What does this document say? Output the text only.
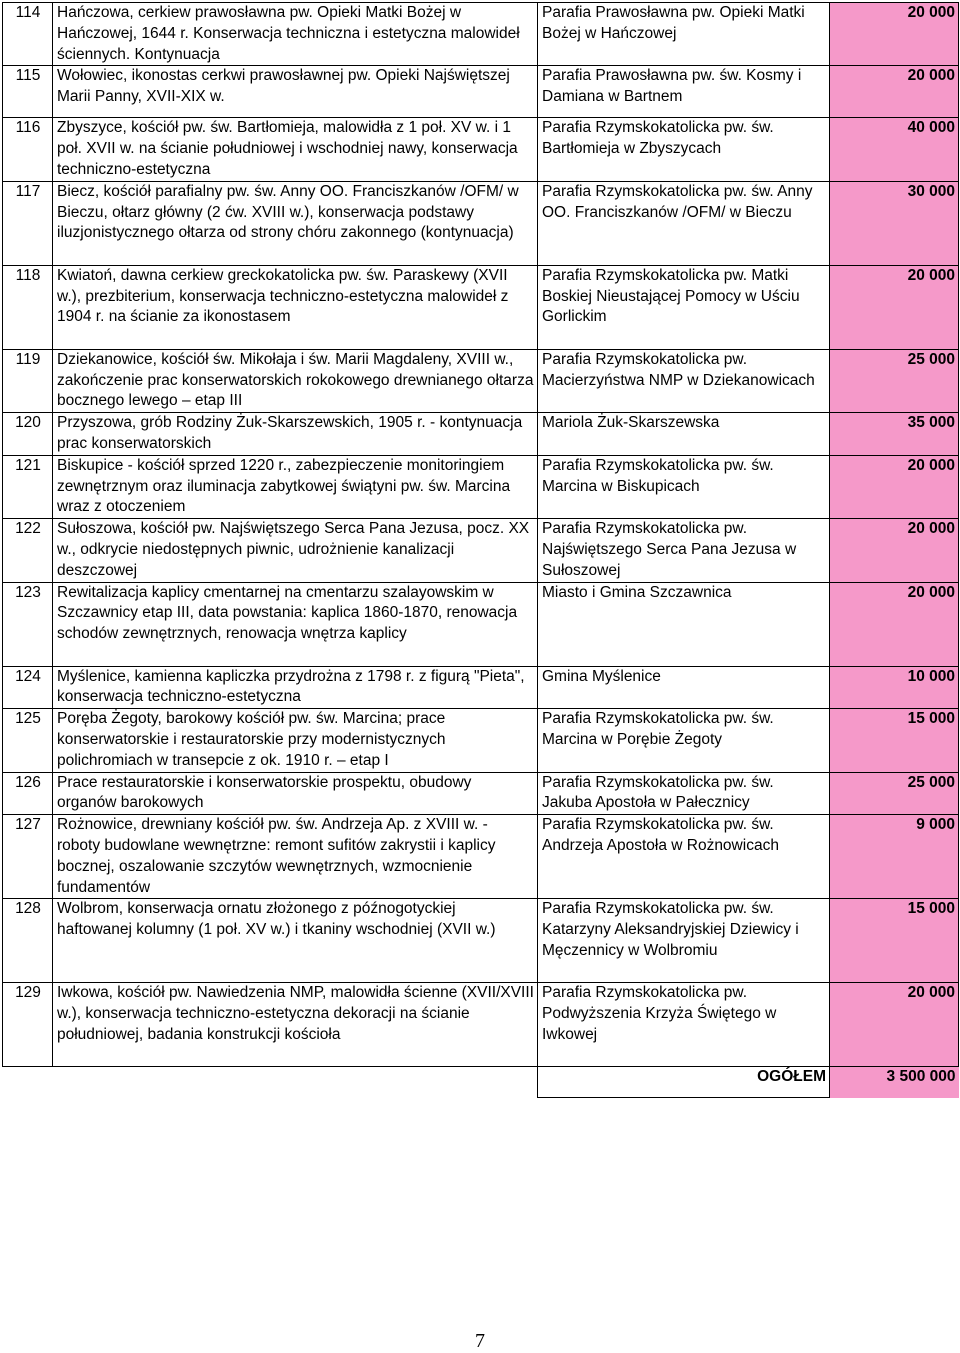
114	Hańczowa, cerkiew prawosławna pw. Opieki Matki Bożej w Hańczowej, 1644 r. Konserwacja techniczna i estetyczna malowideł ściennych. Kontynuacja	Parafia Prawosławna pw. Opieki Matki Bożej w Hańczowej	20 000
115	Wołowiec, ikonostas cerkwi prawosławnej pw. Opieki Najświętszej Marii Panny, XVII-XIX w.	Parafia Prawosławna pw. św. Kosmy i Damiana w Bartnem	20 000
116	Zbyszyce, kościół pw. św. Bartłomieja, malowidła z 1 poł. XV w. i 1 poł. XVII w. na ścianie południowej i wschodniej nawy, konserwacja techniczno-estetyczna	Parafia Rzymskokatolicka pw. św. Bartłomieja w Zbyszycach	40 000
117	Biecz, kościół parafialny pw. św. Anny OO. Franciszkanów /OFM/ w Bieczu, ołtarz główny (2 ćw. XVIII w.), konserwacja podstawy iluzjonistycznego ołtarza od strony chóru zakonnego (kontynuacja)	Parafia Rzymskokatolicka pw. św. Anny OO. Franciszkanów /OFM/ w Bieczu	30 000
118	Kwiatoń, dawna cerkiew greckokatolicka pw. św. Paraskewy (XVII w.), prezbiterium, konserwacja techniczno-estetyczna malowideł z 1904 r. na ścianie za ikonostasem	Parafia Rzymskokatolicka pw. Matki Boskiej Nieustającej Pomocy w Uściu Gorlickim	20 000
119	Dziekanowice, kościół św. Mikołaja i św. Marii Magdaleny, XVIII w., zakończenie prac konserwatorskich rokokowego drewnianego ołtarza bocznego lewego – etap III	Parafia Rzymskokatolicka pw. Macierzyństwa NMP w Dziekanowicach	25 000
120	Przyszowa, grób Rodziny Żuk-Skarszewskich, 1905 r. - kontynuacja prac konserwatorskich	Mariola Żuk-Skarszewska	35 000
121	Biskupice - kościół sprzed 1220 r., zabezpieczenie monitoringiem zewnętrznym oraz iluminacja zabytkowej świątyni pw. św. Marcina wraz z otoczeniem	Parafia Rzymskokatolicka pw. św. Marcina w Biskupicach	20 000
122	Sułoszowa, kościół pw. Najświętszego Serca Pana Jezusa, pocz. XX w., odkrycie niedostępnych piwnic, udrożnienie kanalizacji deszczowej	Parafia Rzymskokatolicka pw. Najświętszego Serca Pana Jezusa w Sułoszowej	20 000
123	Rewitalizacja kaplicy cmentarnej na cmentarzu szalayowskim w Szczawnicy etap III, data powstania: kaplica 1860-1870, renowacja schodów zewnętrznych, renowacja wnętrza kaplicy	Miasto i Gmina Szczawnica	20 000
124	Myślenice, kamienna kapliczka przydrożna z 1798 r. z figurą "Pieta", konserwacja techniczno-estetyczna	Gmina Myślenice	10 000
125	Poręba Żegoty, barokowy kościół pw. św. Marcina; prace konserwatorskie i restauratorskie przy modernistycznych polichromiach w transepcie z ok. 1910 r. – etap I	Parafia Rzymskokatolicka pw. św. Marcina w Porębie Żegoty	15 000
126	Prace restauratorskie i konserwatorskie prospektu, obudowy organów barokowych	Parafia Rzymskokatolicka pw. św. Jakuba Apostoła w Pałecznicy	25 000
127	Rożnowice, drewniany kościół pw. św. Andrzeja Ap. z XVIII w. - roboty budowlane wewnętrzne: remont sufitów zakrystii i kaplicy bocznej, oszalowanie szczytów wewnętrznych, wzmocnienie fundamentów	Parafia Rzymskokatolicka pw. św. Andrzeja Apostoła w Rożnowicach	9 000
128	Wolbrom, konserwacja ornatu złożonego z późnogotyckiej haftowanej kolumny (1 poł. XV w.) i tkaniny wschodniej (XVII w.)	Parafia Rzymskokatolicka pw. św. Katarzyny Aleksandryjskiej Dziewicy i Męczennicy w Wolbromiu	15 000
129	Iwkowa, kościół pw. Nawiedzenia NMP, malowidła ścienne (XVII/XVIII w.), konserwacja techniczno-estetyczna dekoracji na ścianie południowej, badania konstrukcji kościoła	Parafia Rzymskokatolicka pw. Podwyższenia Krzyża Świętego w Iwkowej	20 000
		OGÓŁEM	3 500 000
7
